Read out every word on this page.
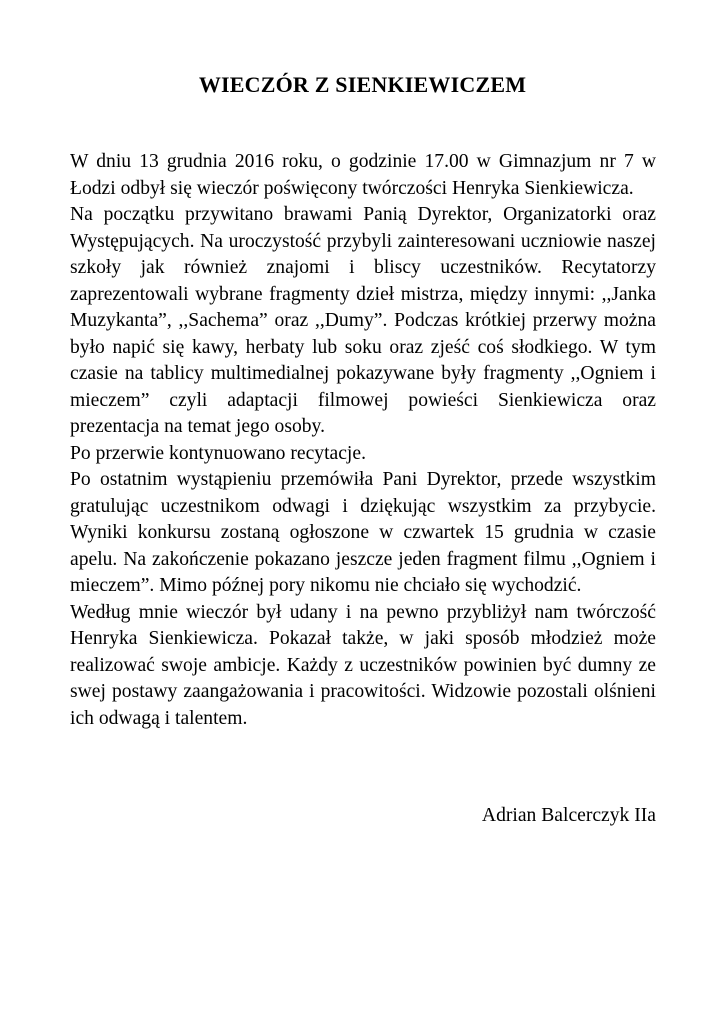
WIECZÓR Z SIENKIEWICZEM

W dniu 13 grudnia 2016 roku, o godzinie 17.00 w Gimnazjum nr 7 w Łodzi odbył się wieczór poświęcony twórczości Henryka Sienkiewicza.

Na początku przywitano brawami Panią Dyrektor, Organizatorki oraz Występujących. Na uroczystość przybyli zainteresowani uczniowie naszej szkoły jak również znajomi i bliscy uczestników. Recytatorzy zaprezentowali wybrane fragmenty dzieł mistrza, między innymi: ,,Janka Muzykanta”, ,,Sachema” oraz ,,Dumy”. Podczas krótkiej przerwy można było napić się kawy, herbaty lub soku oraz zjeść coś słodkiego. W tym czasie na tablicy multimedialnej pokazywane były fragmenty ,,Ogniem i mieczem” czyli adaptacji filmowej powieści Sienkiewicza oraz prezentacja na temat jego osoby.

Po przerwie kontynuowano recytacje.

Po ostatnim wystąpieniu przemówiła Pani Dyrektor, przede wszystkim gratulując uczestnikom odwagi i dziękując wszystkim za przybycie. Wyniki konkursu zostaną ogłoszone w czwartek 15 grudnia w czasie apelu. Na zakończenie pokazano jeszcze jeden fragment filmu ,,Ogniem i mieczem”. Mimo późnej pory nikomu nie chciało się wychodzić.

Według mnie wieczór był udany i na pewno przybliżył nam twórczość Henryka Sienkiewicza. Pokazał także, w jaki sposób młodzież może realizować swoje ambicje. Każdy z uczestników powinien być dumny ze swej postawy zaangażowania i pracowitości. Widzowie pozostali olśnieni ich odwagą i talentem.

Adrian Balcerczyk IIa
